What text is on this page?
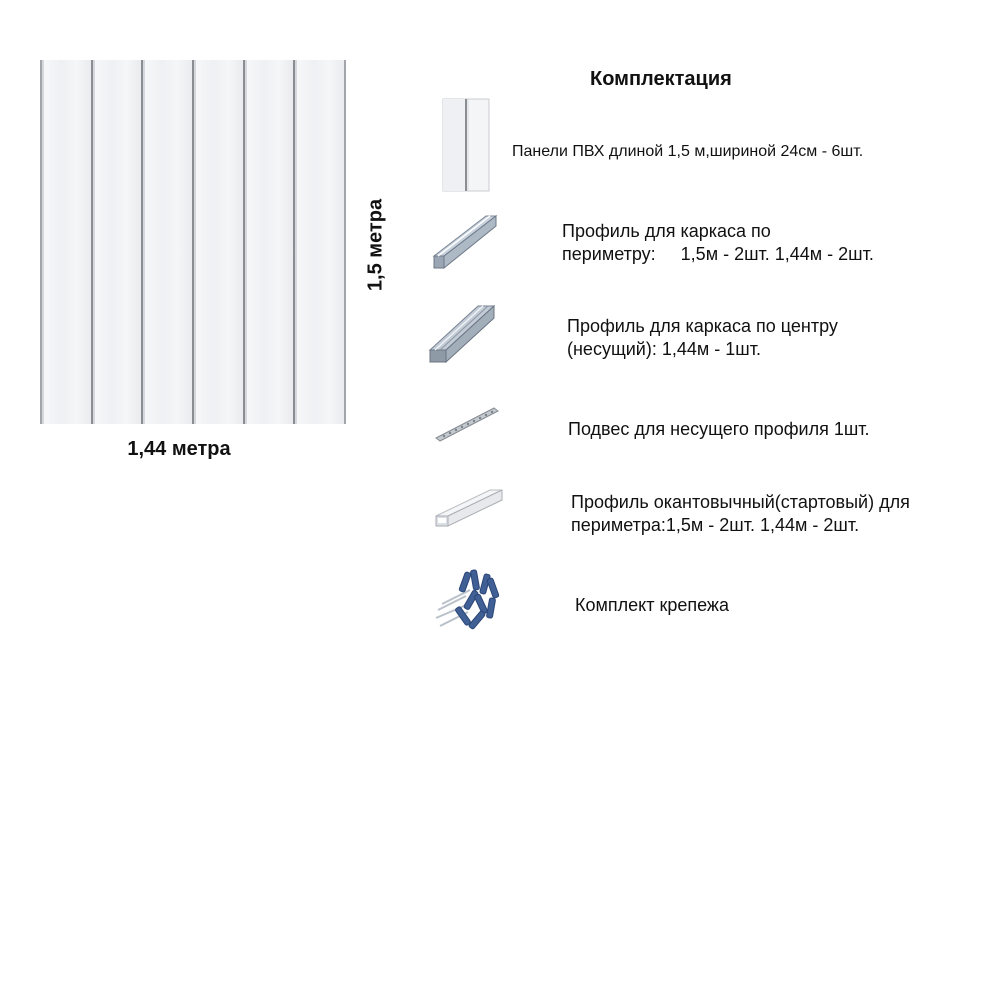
1,44 метра
1,5 метра
Комплектация
Панели ПВХ длиной 1,5 м,шириной 24см - 6шт.
Профиль для каркаса по
периметру:     1,5м - 2шт. 1,44м - 2шт.
Профиль для каркаса по центру
(несущий): 1,44м - 1шт.
Подвес для несущего профиля 1шт.
Профиль окантовычный(стартовый) для
периметра:1,5м - 2шт. 1,44м - 2шт.
Комплект крепежа
